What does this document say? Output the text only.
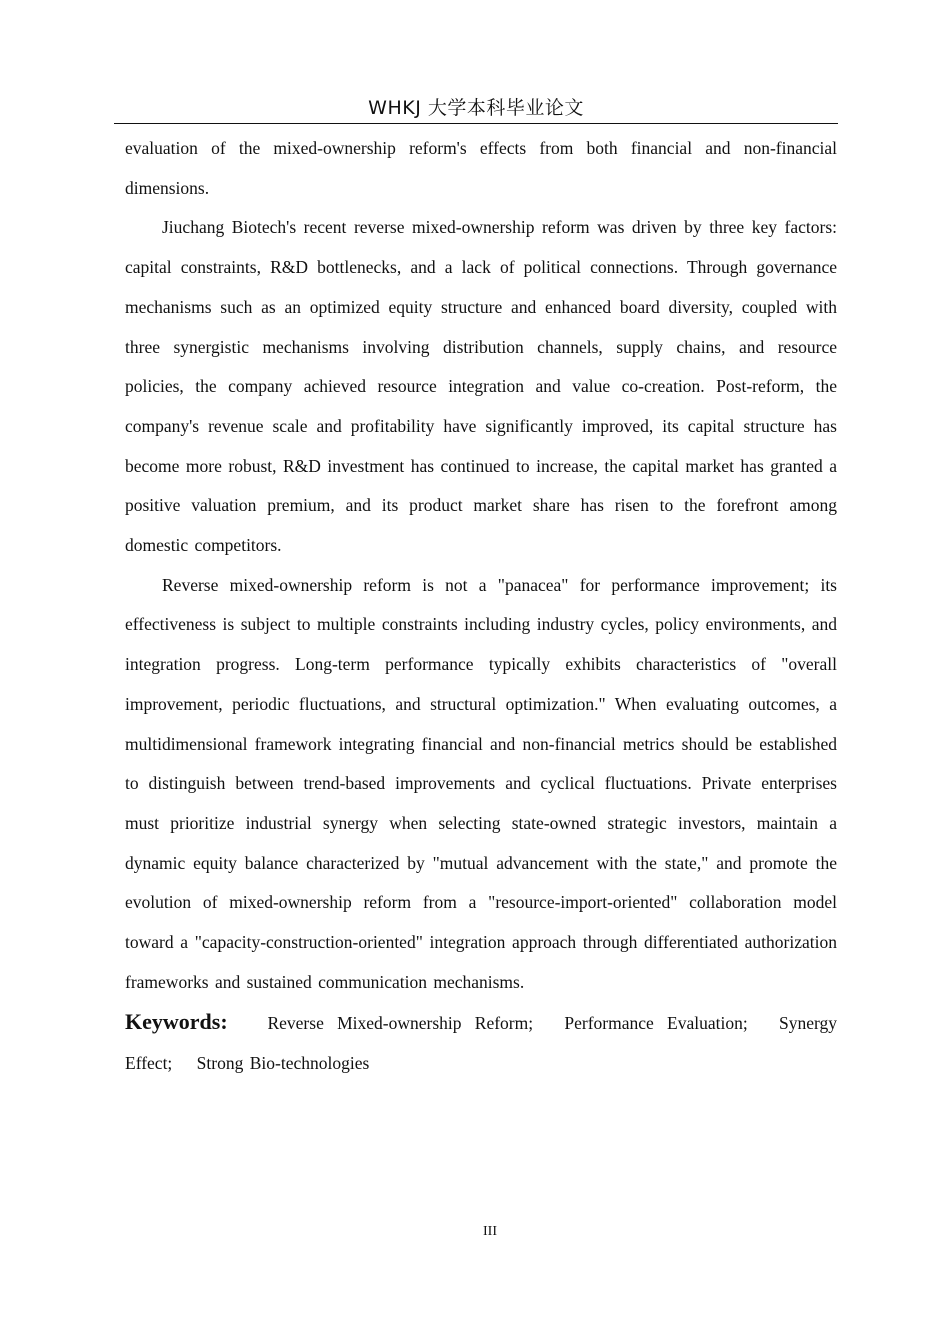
WHKJ 大学本科毕业论文

evaluation of the mixed-ownership reform's effects from both financial and non-financial dimensions.

Jiuchang Biotech's recent reverse mixed-ownership reform was driven by three key factors: capital constraints, R&D bottlenecks, and a lack of political connections. Through governance mechanisms such as an optimized equity structure and enhanced board diversity, coupled with three synergistic mechanisms involving distribution channels, supply chains, and resource policies, the company achieved resource integration and value co-creation. Post-reform, the company's revenue scale and profitability have significantly improved, its capital structure has become more robust, R&D investment has continued to increase, the capital market has granted a positive valuation premium, and its product market share has risen to the forefront among domestic competitors.

Reverse mixed-ownership reform is not a "panacea" for performance improvement; its effectiveness is subject to multiple constraints including industry cycles, policy environments, and integration progress. Long-term performance typically exhibits characteristics of "overall improvement, periodic fluctuations, and structural optimization." When evaluating outcomes, a multidimensional framework integrating financial and non-financial metrics should be established to distinguish between trend-based improvements and cyclical fluctuations. Private enterprises must prioritize industrial synergy when selecting state-owned strategic investors, maintain a dynamic equity balance characterized by "mutual advancement with the state," and promote the evolution of mixed-ownership reform from a "resource-import-oriented" collaboration model toward a "capacity-construction-oriented" integration approach through differentiated authorization frameworks and sustained communication mechanisms.

Keywords: Reverse Mixed-ownership Reform; Performance Evaluation; Synergy Effect; Strong Bio-technologies

III
